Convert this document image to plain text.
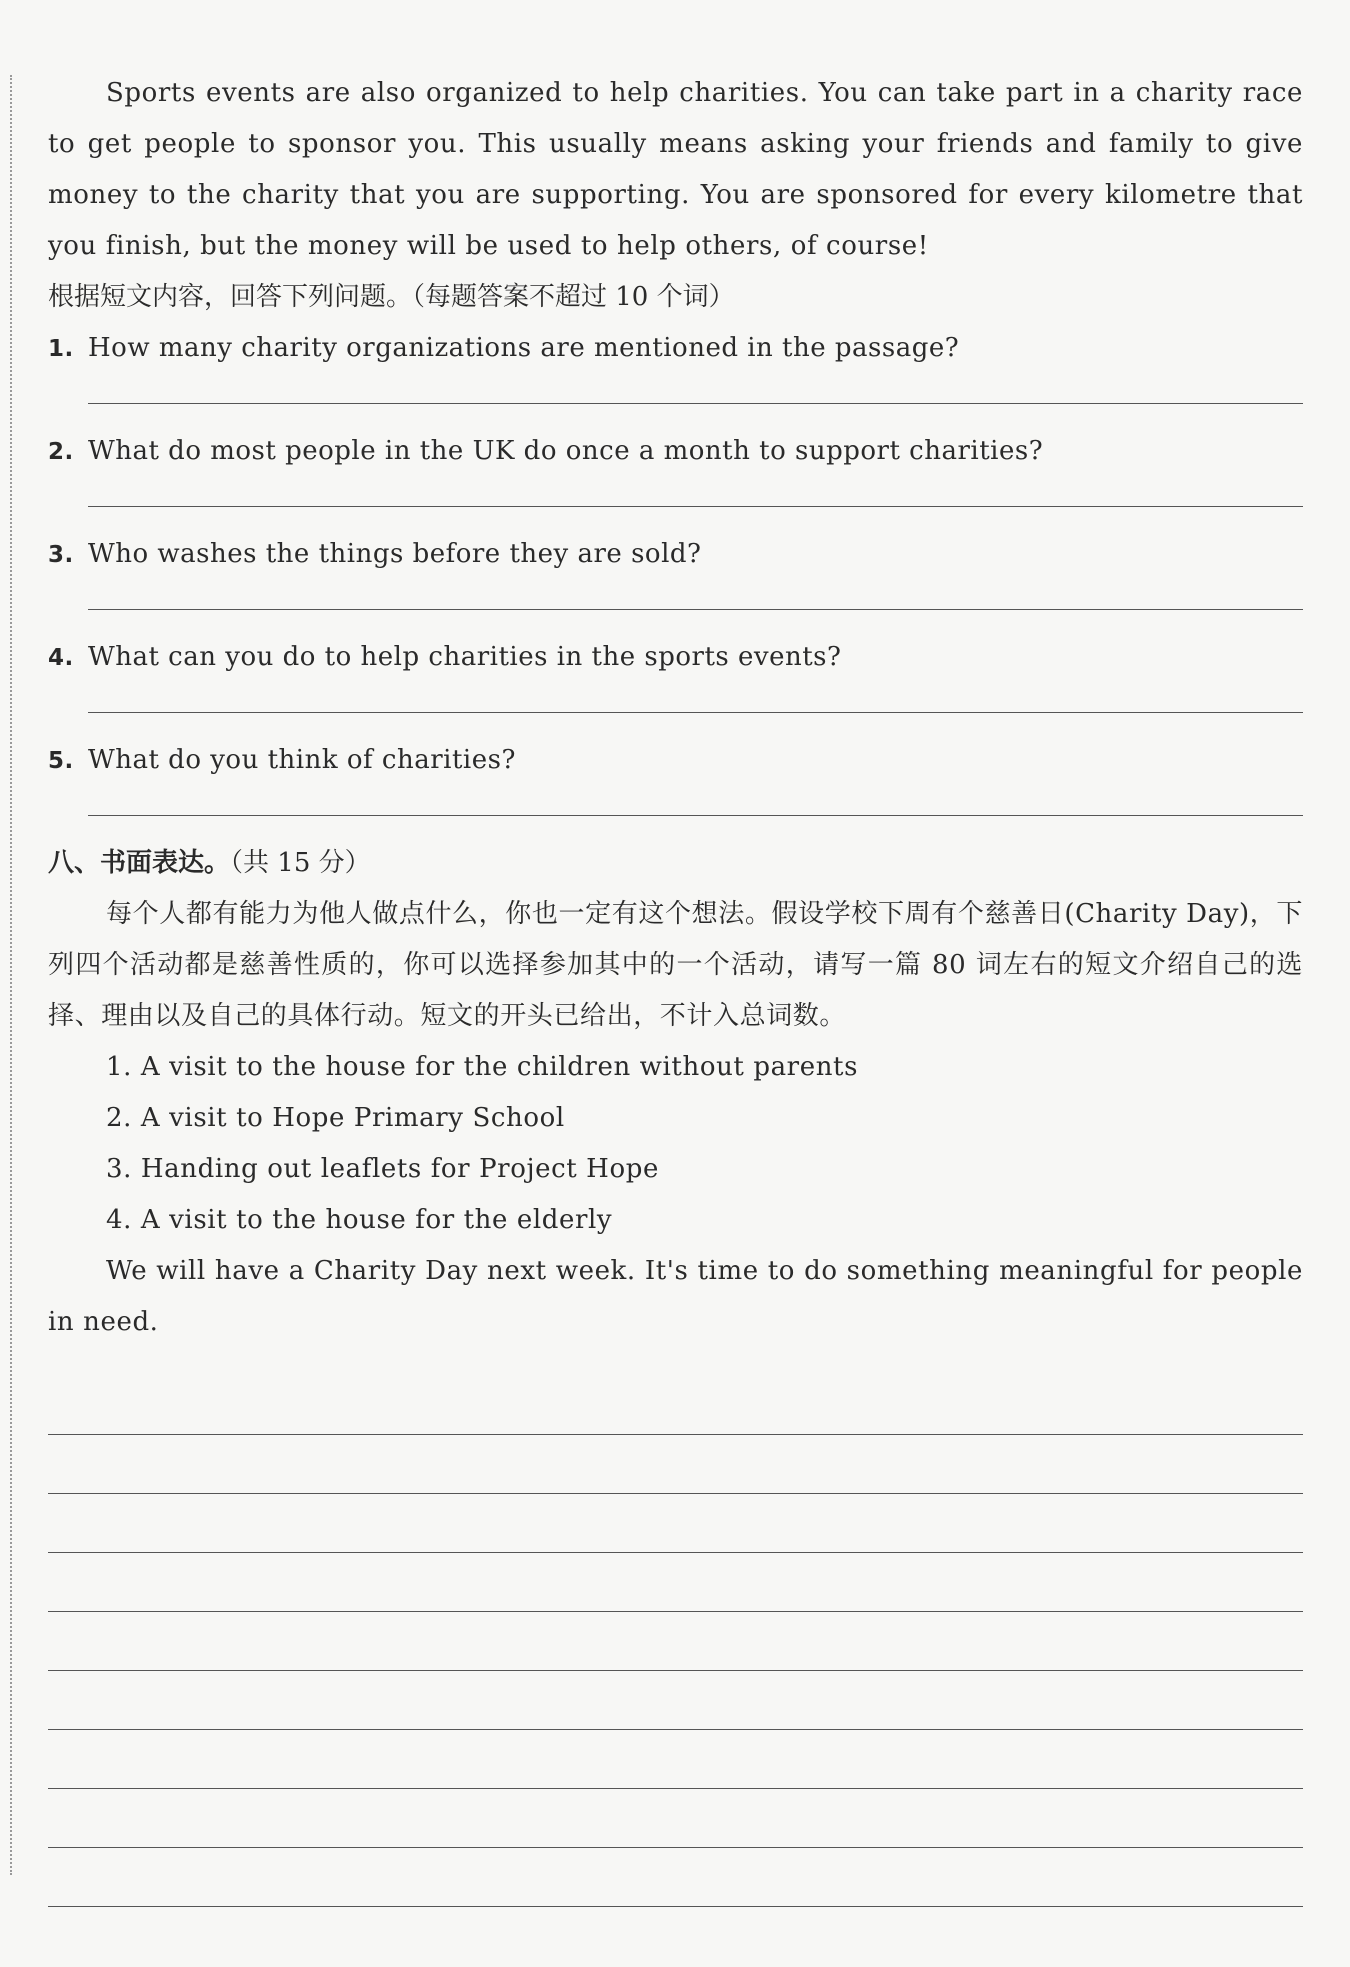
Sports events are also organized to help charities. You can take part in a charity race to get people to sponsor you. This usually means asking your friends and family to give money to the charity that you are supporting. You are sponsored for every kilometre that you finish, but the money will be used to help others, of course!

根据短文内容，回答下列问题。（每题答案不超过 10 个词）

1. How many charity organizations are mentioned in the passage?

2. What do most people in the UK do once a month to support charities?

3. Who washes the things before they are sold?

4. What can you do to help charities in the sports events?

5. What do you think of charities?

八、书面表达。（共 15 分）

每个人都有能力为他人做点什么，你也一定有这个想法。假设学校下周有个慈善日(Charity Day)，下列四个活动都是慈善性质的，你可以选择参加其中的一个活动，请写一篇 80 词左右的短文介绍自己的选择、理由以及自己的具体行动。短文的开头已给出，不计入总词数。

1. A visit to the house for the children without parents

2. A visit to Hope Primary School

3. Handing out leaflets for Project Hope

4. A visit to the house for the elderly

We will have a Charity Day next week. It's time to do something meaningful for people in need.
